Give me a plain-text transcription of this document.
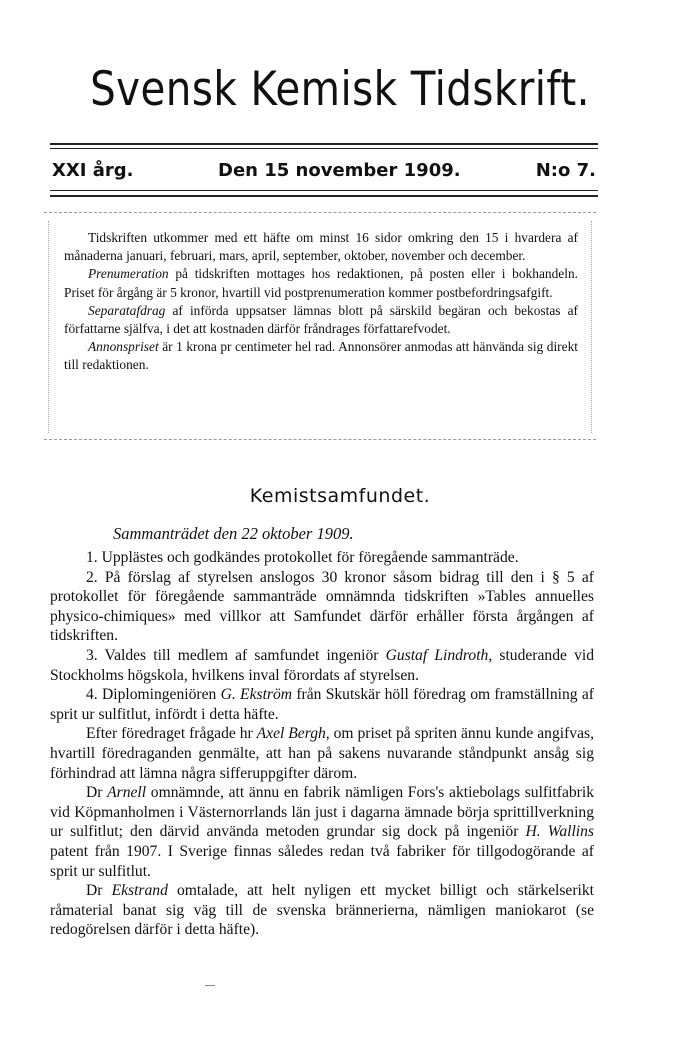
Svensk Kemisk Tidskrift.
XXI årg.	Den 15 november 1909.	N:o 7.

Tidskriften utkommer med ett häfte om minst 16 sidor omkring den 15 i hvardera af månaderna januari, februari, mars, april, september, oktober, november och december.

Prenumeration på tidskriften mottages hos redaktionen, på posten eller i bokhandeln. Priset för årgång är 5 kronor, hvartill vid postprenumeration kommer postbefordringsafgift.

Separatafdrag af införda uppsatser lämnas blott på särskild begäran och bekostas af författarne själfva, i det att kostnaden därför fråndrages författarefvodet.

Annonspriset är 1 krona pr centimeter hel rad. Annonsörer anmodas att hänvända sig direkt till redaktionen.

Kemistsamfundet.
Sammanträdet den 22 oktober 1909.

1. Upplästes och godkändes protokollet för föregående sammanträde.

2. På förslag af styrelsen anslogos 30 kronor såsom bidrag till den i § 5 af protokollet för föregående sammanträde omnämnda tidskriften »Tables annuelles physico-chimiques» med villkor att Samfundet därför erhåller första årgången af tidskriften.

3. Valdes till medlem af samfundet ingeniör Gustaf Lindroth, studerande vid Stockholms högskola, hvilkens inval förordats af styrelsen.

4. Diplomingeniören G. Ekström från Skutskär höll föredrag om framställning af sprit ur sulfitlut, infördt i detta häfte.

Efter föredraget frågade hr Axel Bergh, om priset på spriten ännu kunde angifvas, hvartill föredraganden genmälte, att han på sakens nuvarande ståndpunkt ansåg sig förhindrad att lämna några sifferuppgifter därom.

Dr Arnell omnämnde, att ännu en fabrik nämligen Fors's aktiebolags sulfitfabrik vid Köpmanholmen i Västernorrlands län just i dagarna ämnade börja sprittillverkning ur sulfitlut; den därvid använda metoden grundar sig dock på ingeniör H. Wallins patent från 1907. I Sverige finnas således redan två fabriker för tillgodogörande af sprit ur sulfitlut.

Dr Ekstrand omtalade, att helt nyligen ett mycket billigt och stärkelserikt råmaterial banat sig väg till de svenska brännerierna, nämligen maniokarot (se redogörelsen därför i detta häfte).
